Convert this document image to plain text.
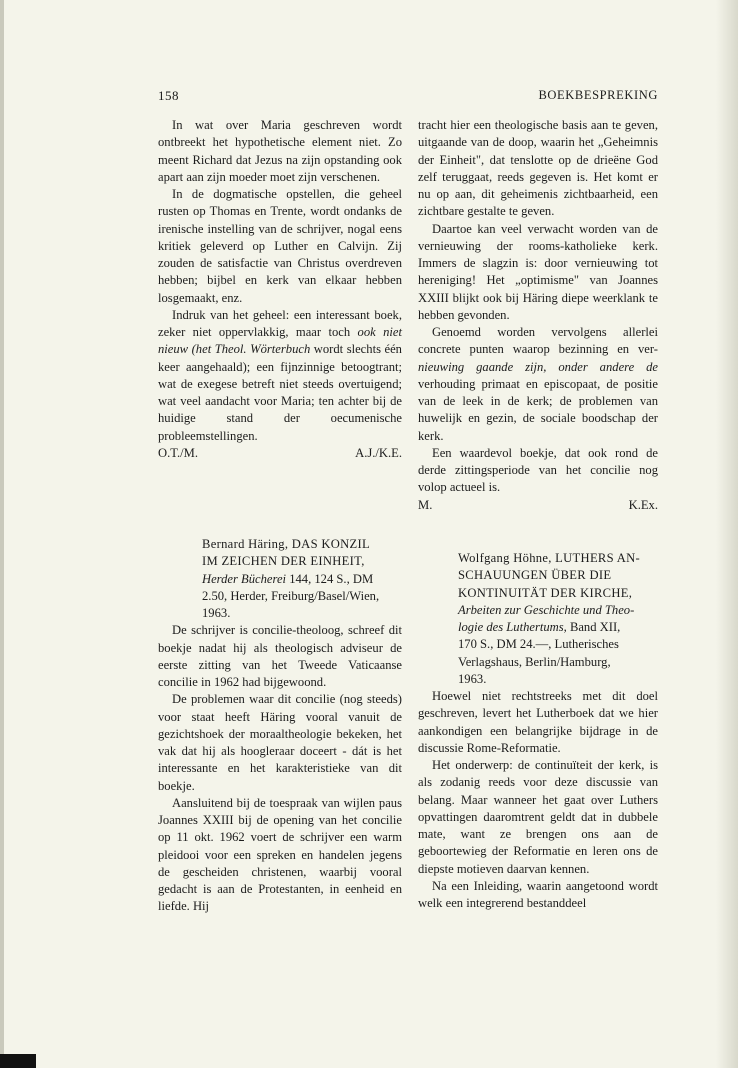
158	BOEKBESPREKING

In wat over Maria geschreven wordt ontbreekt het hypothetische element niet. Zo meent Richard dat Jezus na zijn opstanding ook apart aan zijn moeder moet zijn verschenen.

In de dogmatische opstellen, die geheel rusten op Thomas en Trente, wordt ondanks de irenische instelling van de schrijver, nogal eens kritiek geleverd op Luther en Calvijn. Zij zouden de satisfactie van Christus overdreven hebben; bijbel en kerk van elkaar hebben losgemaakt, enz.

Indruk van het geheel: een interessant boek, zeker niet oppervlakkig, maar toch ook niet nieuw (het Theol. Wörterbuch wordt slechts één keer aangehaald); een fijnzinnige betoogtrant; wat de exegese betreft niet steeds overtuigend; wat veel aandacht voor Maria; ten achter bij de huidige stand der oecumenische probleemstellingen.

O.T./M.	A.J./K.E.

tracht hier een theologische basis aan te geven, uitgaande van de doop, waarin het „Geheimnis der Einheit", dat tenslotte op de drieëne God zelf teruggaat, reeds gegeven is. Het komt er nu op aan, dit geheimenis zichtbaarheid, een zichtbare gestalte te geven.

Daartoe kan veel verwacht worden van de vernieuwing der rooms-katholieke kerk. Immers de slagzin is: door vernieuwing tot hereniging! Het „optimisme" van Joannes XXIII blijkt ook bij Häring diepe weerklank te hebben gevonden.

Genoemd worden vervolgens allerlei concrete punten waarop bezinning en ver- nieuwing gaande zijn, onder andere de verhouding primaat en episcopaat, de positie van de leek in de kerk; de problemen van huwelijk en gezin, de sociale boodschap der kerk.

Een waardevol boekje, dat ook rond de derde zittingsperiode van het concilie nog volop actueel is.

M.	K.Ex.
Bernard Häring, DAS KONZIL
IM ZEICHEN DER EINHEIT,
Herder Bücherei 144, 124 S., DM
2.50, Herder, Freiburg/Basel/Wien,
1963.

De schrijver is concilie-theoloog, schreef dit boekje nadat hij als theologisch adviseur de eerste zitting van het Tweede Vaticaanse concilie in 1962 had bijgewoond.

De problemen waar dit concilie (nog steeds) voor staat heeft Häring vooral vanuit de gezichtshoek der moraaltheologie bekeken, het vak dat hij als hoogleraar doceert - dát is het interessante en het karakteristieke van dit boekje.

Aansluitend bij de toespraak van wijlen paus Joannes XXIII bij de opening van het concilie op 11 okt. 1962 voert de schrijver een warm pleidooi voor een spreken en handelen jegens de gescheiden christenen, waarbij vooral gedacht is aan de Protestanten, in eenheid en liefde. Hij

Wolfgang Höhne, LUTHERS AN-
SCHAUUNGEN ÜBER DIE
KONTINUITÄT DER KIRCHE,
Arbeiten zur Geschichte und Theo-
logie des Luthertums, Band XII,
170 S., DM 24.—, Lutherisches
Verlagshaus, Berlin/Hamburg,
1963.

Hoewel niet rechtstreeks met dit doel geschreven, levert het Lutherboek dat we hier aankondigen een belangrijke bijdrage in de discussie Rome-Reformatie.

Het onderwerp: de continuïteit der kerk, is als zodanig reeds voor deze discussie van belang. Maar wanneer het gaat over Luthers opvattingen daaromtrent geldt dat in dubbele mate, want ze brengen ons aan de geboortewieg der Reformatie en leren ons de diepste motieven daarvan kennen.

Na een Inleiding, waarin aangetoond wordt welk een integrerend bestanddeel
